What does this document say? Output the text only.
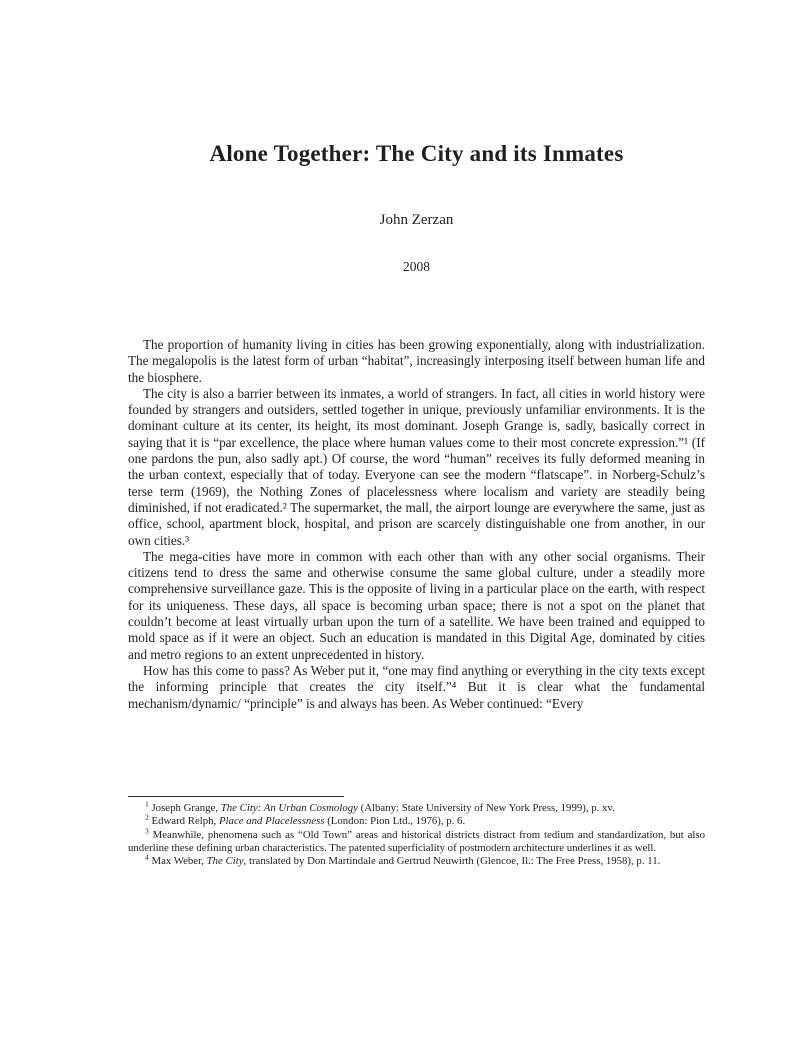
Alone Together: The City and its Inmates
John Zerzan
2008

The proportion of humanity living in cities has been growing exponentially, along with industrialization. The megalopolis is the latest form of urban “habitat”, increasingly interposing itself between human life and the biosphere.

The city is also a barrier between its inmates, a world of strangers. In fact, all cities in world history were founded by strangers and outsiders, settled together in unique, previously unfamiliar environments. It is the dominant culture at its center, its height, its most dominant. Joseph Grange is, sadly, basically correct in saying that it is “par excellence, the place where human values come to their most concrete expression.”¹ (If one pardons the pun, also sadly apt.) Of course, the word “human” receives its fully deformed meaning in the urban context, especially that of today. Everyone can see the modern “flatscape”. in Norberg-Schulz’s terse term (1969), the Nothing Zones of placelessness where localism and variety are steadily being diminished, if not eradicated.² The supermarket, the mall, the airport lounge are everywhere the same, just as office, school, apartment block, hospital, and prison are scarcely distinguishable one from another, in our own cities.³

The mega-cities have more in common with each other than with any other social organisms. Their citizens tend to dress the same and otherwise consume the same global culture, under a steadily more comprehensive surveillance gaze. This is the opposite of living in a particular place on the earth, with respect for its uniqueness. These days, all space is becoming urban space; there is not a spot on the planet that couldn’t become at least virtually urban upon the turn of a satellite. We have been trained and equipped to mold space as if it were an object. Such an education is mandated in this Digital Age, dominated by cities and metro regions to an extent unprecedented in history.

How has this come to pass? As Weber put it, “one may find anything or everything in the city texts except the informing principle that creates the city itself.”⁴ But it is clear what the fundamental mechanism/dynamic/ “principle” is and always has been. As Weber continued: “Every

$^1$ Joseph Grange, The City: An Urban Cosmology (Albany: State University of New York Press, 1999), p. xv.

$^2$ Edward Relph, Place and Placelessness (London: Pion Ltd., 1976), p. 6.

$^3$ Meanwhile, phenomena such as “Old Town” areas and historical districts distract from tedium and standardization, but also underline these defining urban characteristics. The patented superficiality of postmodern architecture underlines it as well.

$^4$ Max Weber, The City, translated by Don Martindale and Gertrud Neuwirth (Glencoe, Il.: The Free Press, 1958), p. 11.
